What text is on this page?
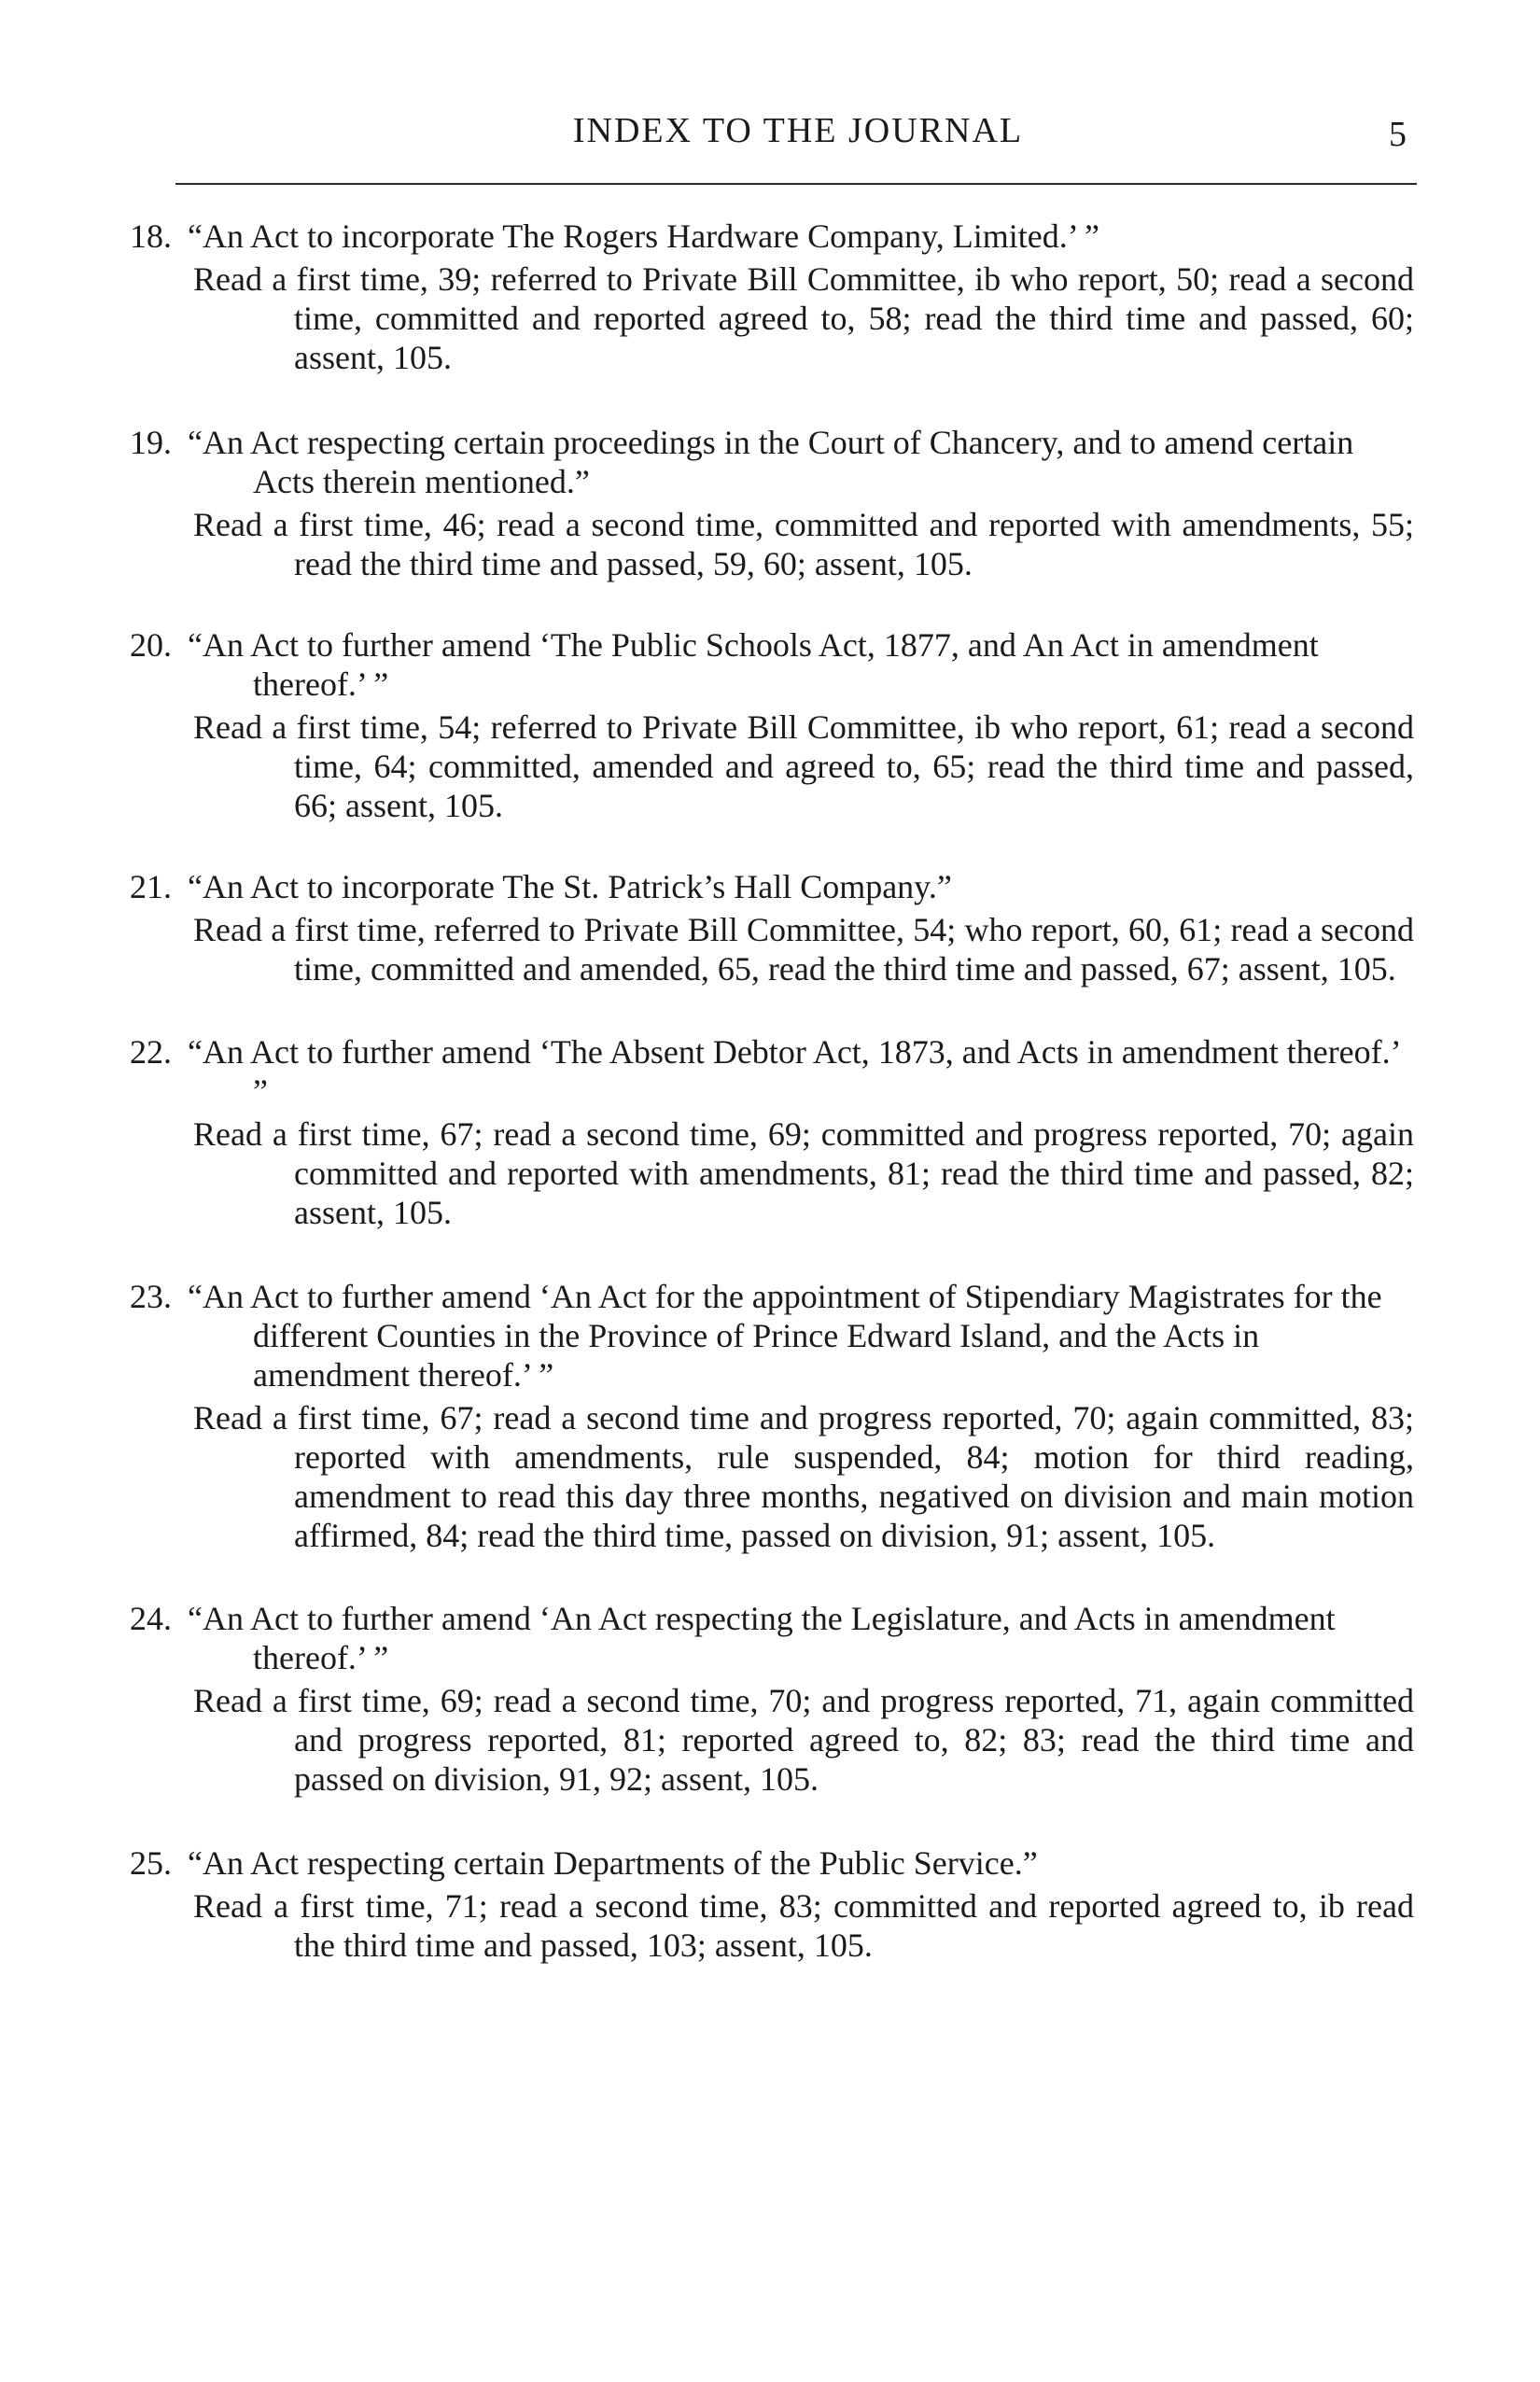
INDEX TO THE JOURNAL	5
18. “An Act to incorporate The Rogers Hardware Company, Limited.’ ”
Read a first time, 39; referred to Private Bill Committee, ib who report, 50; read a second time, committed and reported agreed to, 58; read the third time and passed, 60; assent, 105.
19. “An Act respecting certain proceedings in the Court of Chancery, and to amend certain Acts therein mentioned.”
Read a first time, 46; read a second time, committed and reported with amendments, 55; read the third time and passed, 59, 60; assent, 105.
20. “An Act to further amend ‘The Public Schools Act, 1877, and An Act in amendment thereof.’ ”
Read a first time, 54; referred to Private Bill Committee, ib who report, 61; read a second time, 64; committed, amended and agreed to, 65; read the third time and passed, 66; assent, 105.
21. “An Act to incorporate The St. Patrick’s Hall Company.”
Read a first time, referred to Private Bill Committee, 54; who report, 60, 61; read a second time, committed and amended, 65, read the third time and passed, 67; assent, 105.
22. “An Act to further amend ‘The Absent Debtor Act, 1873, and Acts in amendment thereof.’ ”
Read a first time, 67; read a second time, 69; committed and progress reported, 70; again committed and reported with amendments, 81; read the third time and passed, 82; assent, 105.
23. “An Act to further amend ‘An Act for the appointment of Stipendiary Magistrates for the different Counties in the Province of Prince Edward Island, and the Acts in amendment thereof.’ ”
Read a first time, 67; read a second time and progress reported, 70; again committed, 83; reported with amendments, rule suspended, 84; motion for third reading, amendment to read this day three months, negatived on division and main motion affirmed, 84; read the third time, passed on division, 91; assent, 105.
24. “An Act to further amend ‘An Act respecting the Legislature, and Acts in amendment thereof.’ ”
Read a first time, 69; read a second time, 70; and progress reported, 71, again committed and progress reported, 81; reported agreed to, 82; 83; read the third time and passed on division, 91, 92; assent, 105.
25. “An Act respecting certain Departments of the Public Service.”
Read a first time, 71; read a second time, 83; committed and reported agreed to, ib read the third time and passed, 103; assent, 105.
